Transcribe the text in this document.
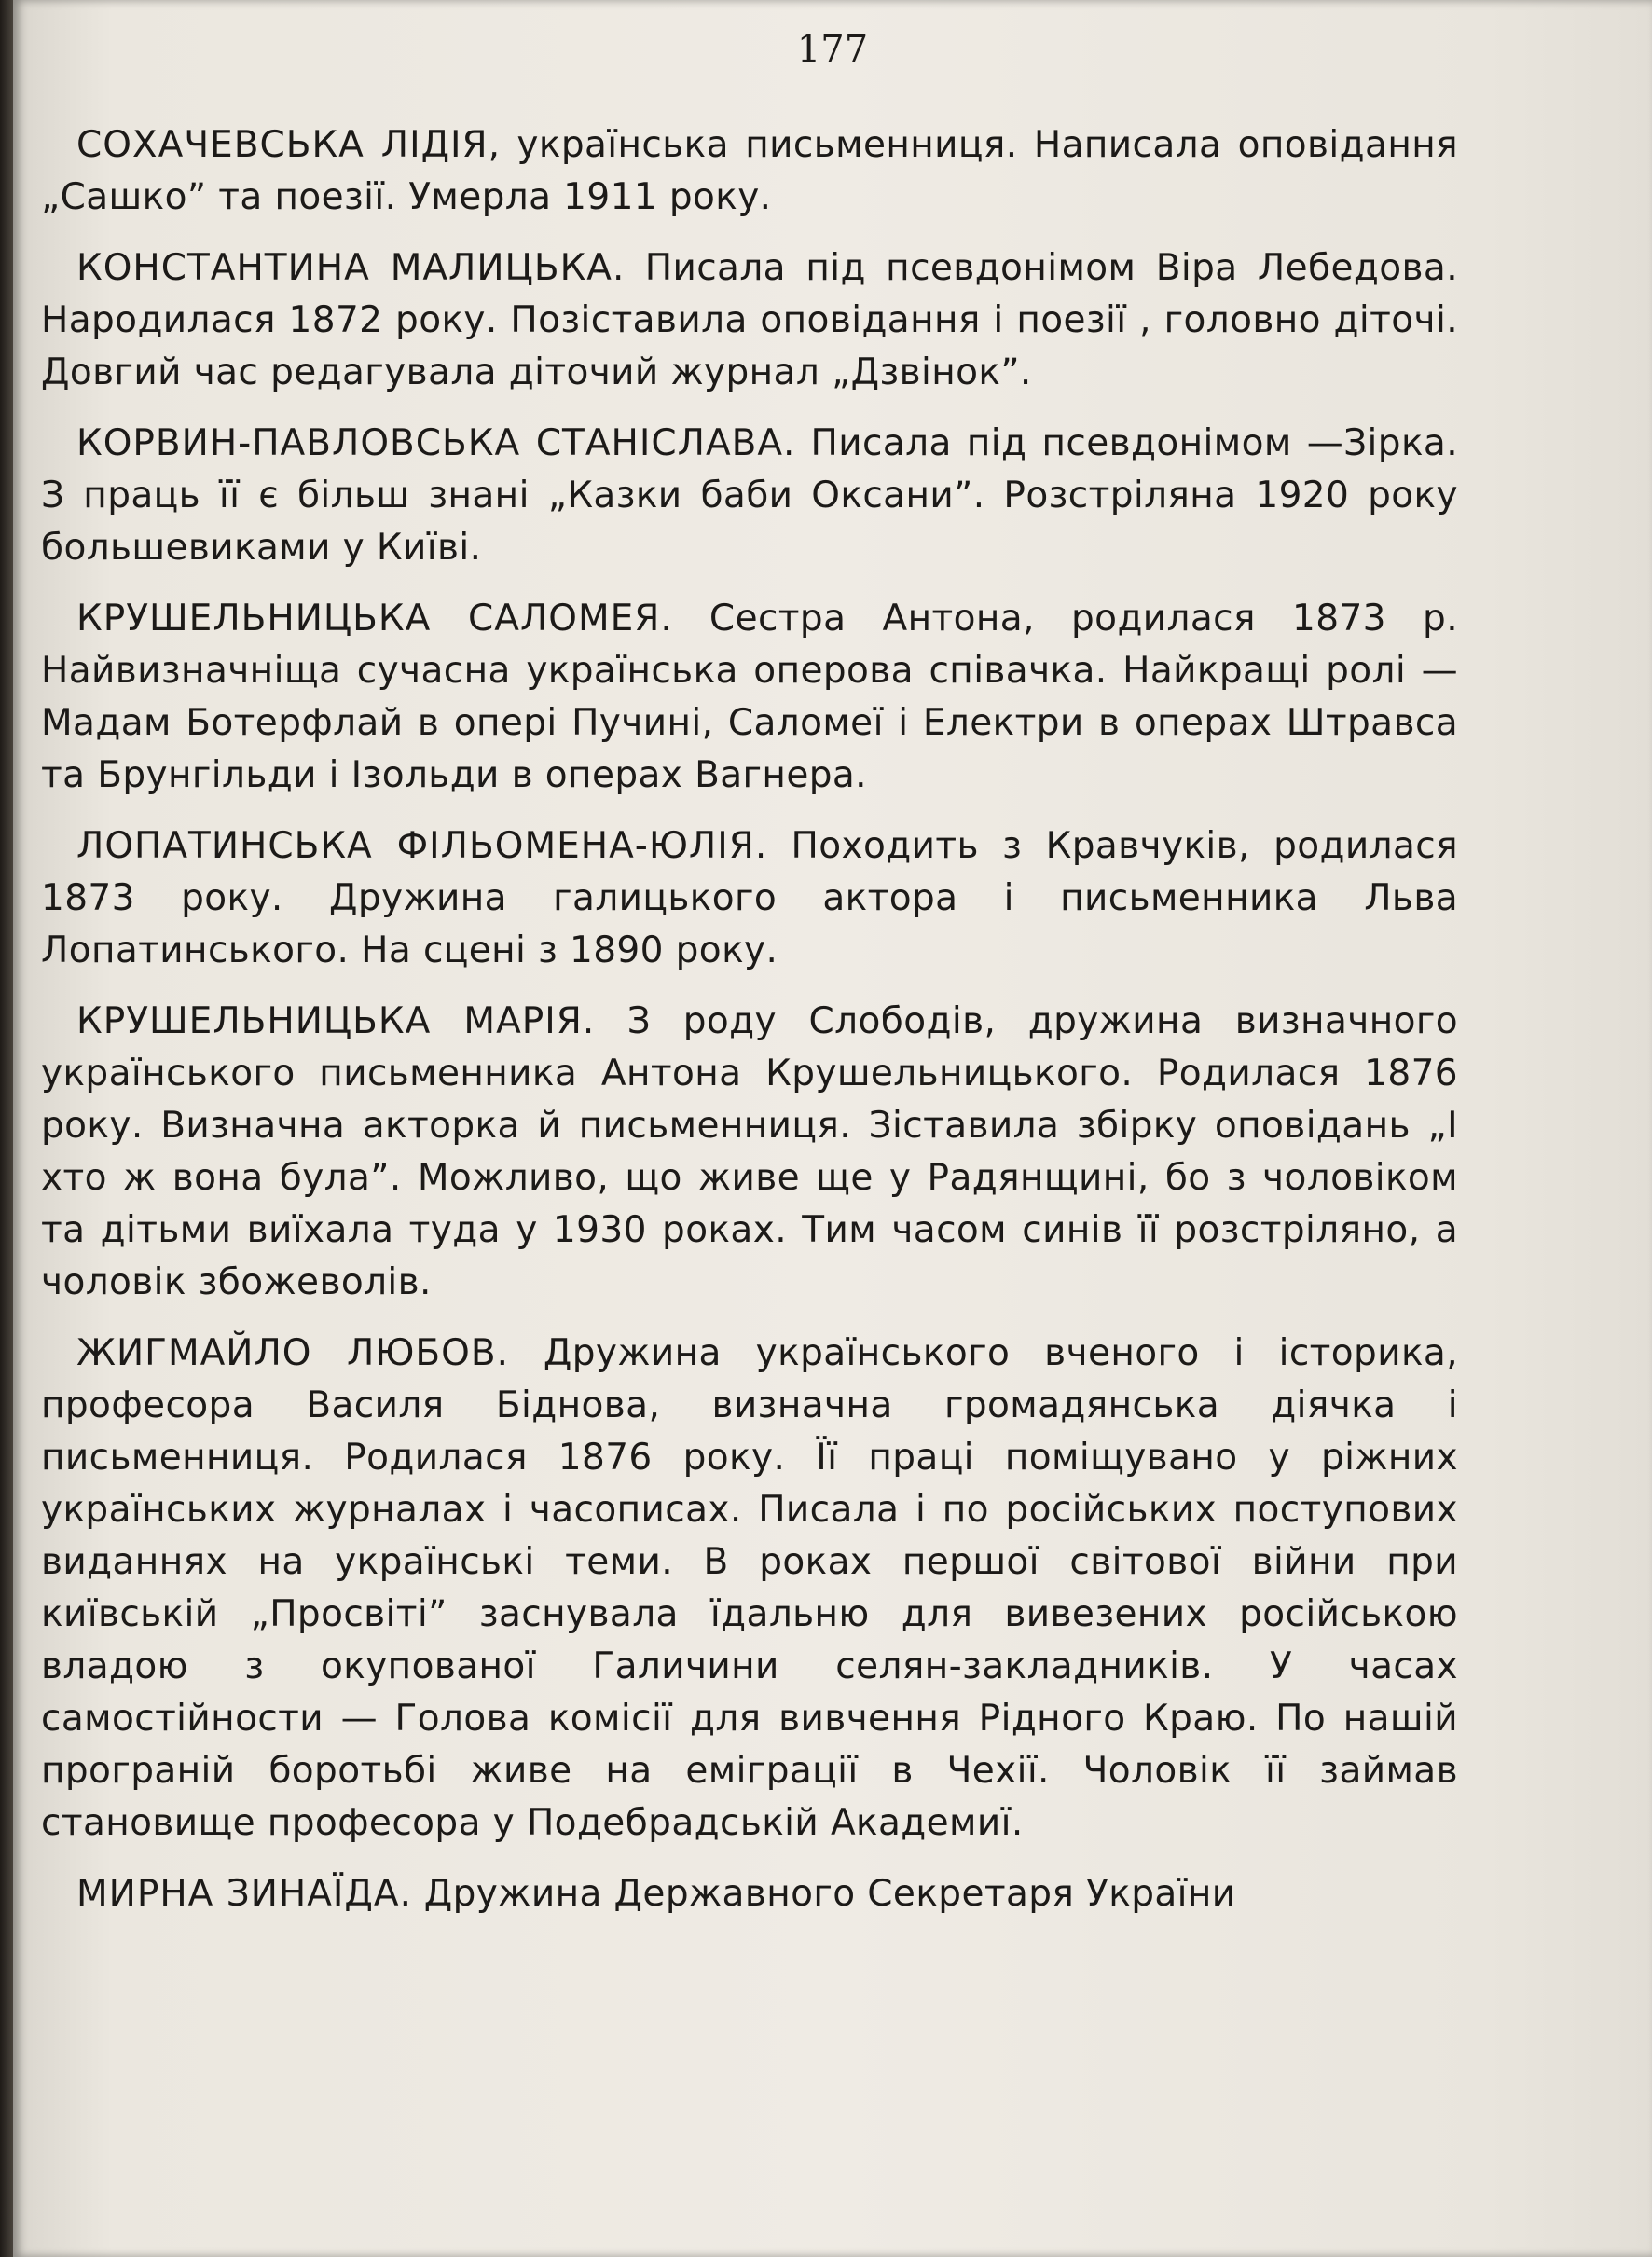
177

СОХАЧЕВСЬКА ЛІДІЯ, українська письменниця. Написала оповідання „Сашко” та поезії. Умерла 1911 року.

КОНСТАНТИНА МАЛИЦЬКА. Писала під псевдонімом Віра Лебедова. Народилася 1872 року. Позіставила оповідання і поезії , головно діточі. Довгий час редагувала діточий журнал „Дзвінок”.

КОРВИН-ПАВЛОВСЬКА СТАНІСЛАВА. Писала під псевдонімом —Зірка. З праць її є більш знані „Казки баби Оксани”. Розстріляна 1920 року большевиками у Київі.

КРУШЕЛЬНИЦЬКА САЛОМЕЯ. Сестра Антона, родилася 1873 р. Найвизначніща сучасна українська оперова співачка. Найкращі ролі — Мадам Ботерфлай в опері Пучині, Саломеї і Електри в операх Штравса та Брунгільди і Ізольди в операх Вагнера.

ЛОПАТИНСЬКА ФІЛЬОМЕНА-ЮЛІЯ. Походить з Кравчуків, родилася 1873 року. Дружина галицького актора і письменника Льва Лопатинського. На сцені з 1890 року.

КРУШЕЛЬНИЦЬКА МАРІЯ. З роду Слободів, дружина визначного українського письменника Антона Крушельницького. Родилася 1876 року. Визначна акторка й письменниця. Зіставила збірку оповідань „І хто ж вона була”. Можливо, що живе ще у Радянщині, бо з чоловіком та дітьми виїхала туда у 1930 роках. Тим часом синів її розстріляно, а чоловік збожеволів.

ЖИГМАЙЛО ЛЮБОВ. Дружина українського вченого і історика, професора Василя Біднова, визначна громадянська діячка і письменниця. Родилася 1876 року. Її праці поміщувано у ріжних українських журналах і часописах. Писала і по російських поступових виданнях на українські теми. В роках першої світової війни при київській „Просвіті” заснувала їдальню для вивезених російською владою з окупованої Галичини селян-закладників. У часах самостійности — Голова комісії для вивчення Рідного Краю. По нашій програній боротьбі живе на еміграції в Чехії. Чоловік її займав становище професора у Подебрадській Академиї.

МИРНА ЗИНАЇДА. Дружина Державного Секретаря України
